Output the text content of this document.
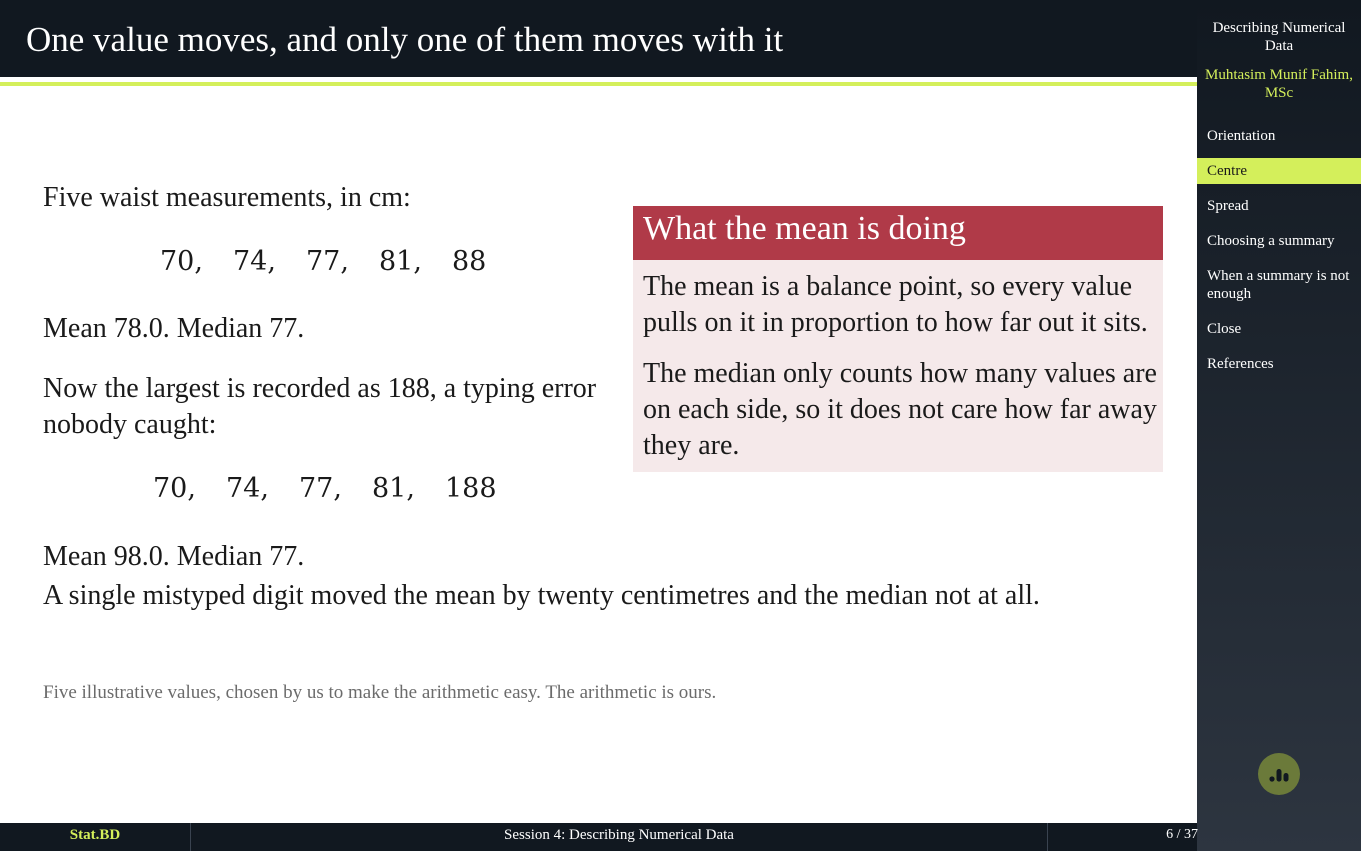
One value moves, and only one of them moves with it
Five waist measurements, in cm:
70,	74,	77,	81,	88
Mean 78.0. Median 77.
Now the largest is recorded as 188, a typing error
nobody caught:
70,	74,	77,	81,	188
Mean 98.0. Median 77.
A single mistyped digit moved the mean by twenty centimetres and the median not at all.
Five illustrative values, chosen by us to make the arithmetic easy. The arithmetic is ours.
What the mean is doing

The mean is a balance point, so every value pulls on it in proportion to how far out it sits.

The median only counts how many values are on each side, so it does not care how far away they are.

Describing Numerical Data
Muhtasim Munif Fahim, MSc
Orientation
Centre
Spread
Choosing a summary
When a summary is not enough
Close
References
Stat.BD	Session 4: Describing Numerical Data	6 / 37
